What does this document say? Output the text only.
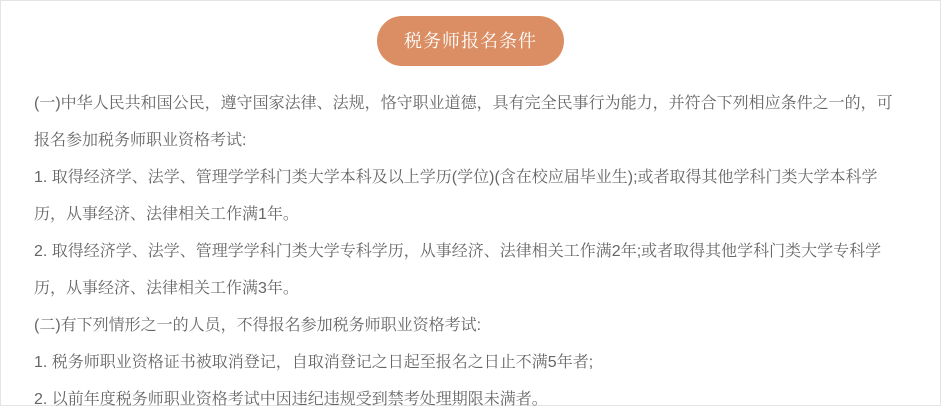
税务师报名条件

(一)中华人民共和国公民，遵守国家法律、法规，恪守职业道德，具有完全民事行为能力，并符合下列相应条件之一的，可报名参加税务师职业资格考试:

1. 取得经济学、法学、管理学学科门类大学本科及以上学历(学位)(含在校应届毕业生);或者取得其他学科门类大学本科学历，从事经济、法律相关工作满1年。

2. 取得经济学、法学、管理学学科门类大学专科学历，从事经济、法律相关工作满2年;或者取得其他学科门类大学专科学历，从事经济、法律相关工作满3年。

(二)有下列情形之一的人员，不得报名参加税务师职业资格考试:

1. 税务师职业资格证书被取消登记，自取消登记之日起至报名之日止不满5年者;

2. 以前年度税务师职业资格考试中因违纪违规受到禁考处理期限未满者。
